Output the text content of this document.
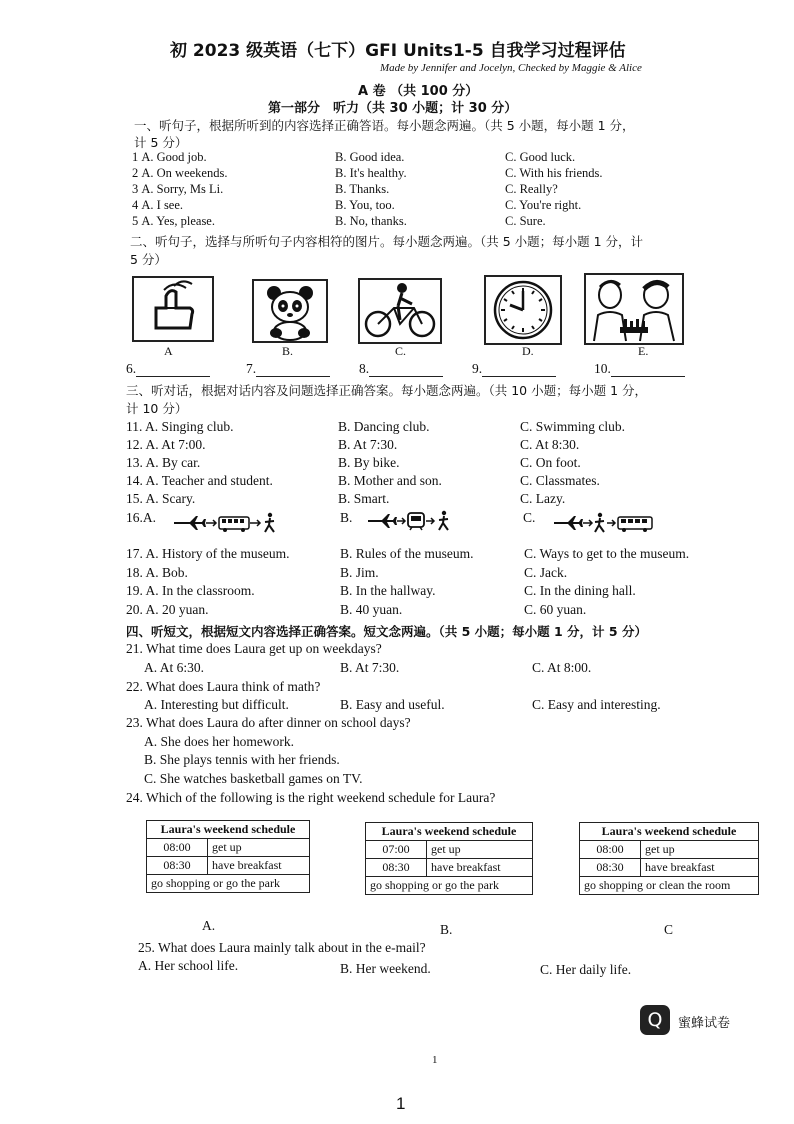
初 2023 级英语（七下）GFI Units1-5 自我学习过程评估
Made by Jennifer and Jocelyn, Checked by Maggie & Alice
A 卷 （共 100 分）
第一部分　听力（共 30 小题；计 30 分）
一、听句子，根据所听到的内容选择正确答语。每小题念两遍。（共 5 小题，每小题 1 分，
计 5 分）
1 A. Good job.	B. Good idea.	C. Good luck.
2 A. On weekends.	B. It's healthy.	C. With his friends.
3 A. Sorry, Ms Li.	B. Thanks.	C. Really?
4 A. I see.	B. You, too.	C. You're right.
5 A. Yes, please.	B. No, thanks.	C. Sure.
二、听句子，选择与所听句子内容相符的图片。每小题念两遍。（共 5 小题；每小题 1 分，计
5 分）
A	B.	C.	D.	E.
6.	7.	8.	9.	10.
三、听对话，根据对话内容及问题选择正确答案。每小题念两遍。（共 10 小题；每小题 1 分，
计 10 分）
11. A. Singing club.	B. Dancing club.	C. Swimming club.
12. A. At 7:00.	B. At 7:30.	C. At 8:30.
13. A. By car.	B. By bike.	C. On foot.
14. A. Teacher and student.	B. Mother and son.	C. Classmates.
15. A. Scary.	B. Smart.	C. Lazy.
16.A.	B.	C.
17. A. History of the museum.	B. Rules of the museum.	C. Ways to get to the museum.
18. A. Bob.	B. Jim.	C. Jack.
19. A. In the classroom.	B. In the hallway.	C. In the dining hall.
20. A. 20 yuan.	B. 40 yuan.	C. 60 yuan.
四、听短文，根据短文内容选择正确答案。短文念两遍。（共 5 小题；每小题 1 分，计 5 分）
21. What time does Laura get up on weekdays?
A. At 6:30.	B. At 7:30.	C. At 8:00.
22. What does Laura think of math?
A. Interesting but difficult.	B. Easy and useful.	C. Easy and interesting.
23. What does Laura do after dinner on school days?
A. She does her homework.
B. She plays tennis with her friends.
C. She watches basketball games on TV.
24. Which of the following is the right weekend schedule for Laura?
Laura's weekend schedule	
08:00	get up
08:30	have breakfast
go shopping or go the park	
A.
Laura's weekend schedule	
07:00	get up
08:30	have breakfast
go shopping or go the park	
B.
Laura's weekend schedule	
08:00	get up
08:30	have breakfast
go shopping or clean the room	
C
25. What does Laura mainly talk about in the e-mail?
A. Her school life.	B. Her weekend.	C. Her daily life.
Q	蜜蜂试卷
1
1
